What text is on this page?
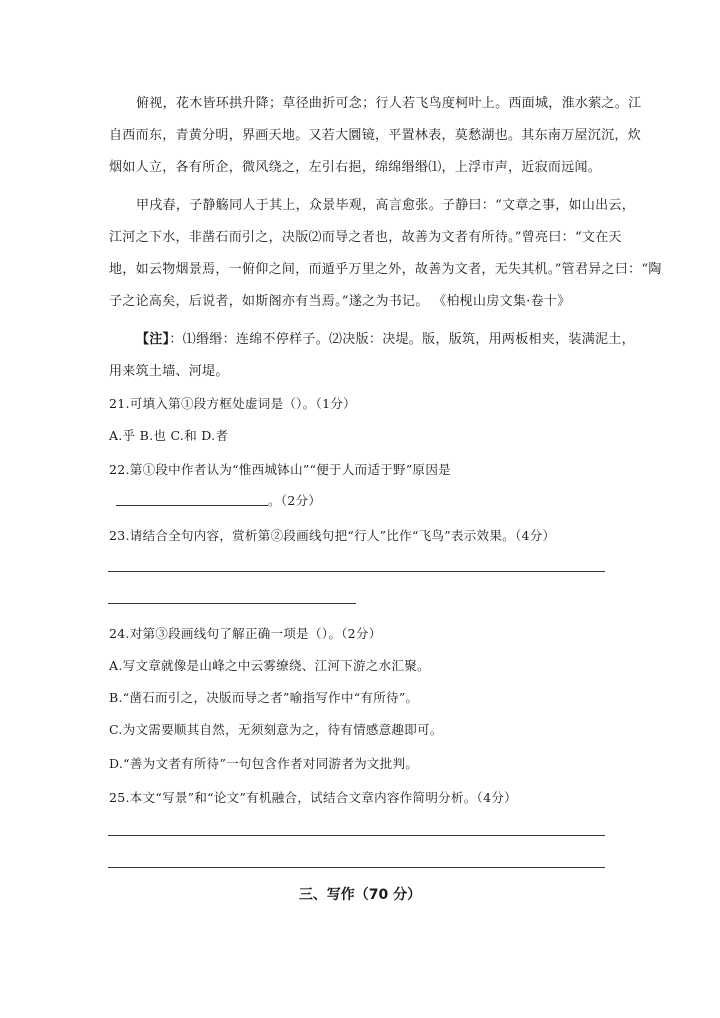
俯视，花木皆环拱升降；草径曲折可念；行人若飞鸟度柯叶上。西面城，淮水萦之。江
自西而东，青黄分明，界画天地。又若大圜镜，平置林表，莫愁湖也。其东南万屋沉沉，炊
烟如人立，各有所企，微风绕之，左引右挹，绵绵缗缗⑴，上浮市声，近寂而远闻。
甲戌春，子静觞同人于其上，众景毕观，高言愈张。子静曰：“文章之事，如山出云，
江河之下水，非凿石而引之，决版⑵而导之者也，故善为文者有所待。”曾亮曰：“文在天
地，如云物烟景焉，一俯仰之间，而遁乎万里之外，故善为文者，无失其机。”管君异之曰：“陶
子之论高矣，后说者，如斯阁亦有当焉。”遂之为书记。 《柏枧山房文集·卷十》
【注】：⑴缗缗：连绵不停样子。⑵决版：决堤。版，版筑，用两板相夹，装满泥土，
用来筑土墙、河堤。
21.可填入第①段方框处虚词是（）。（1分）
A.乎 B.也 C.和 D.者
22.第①段中作者认为“惟西城钵山”“便于人而适于野”原因是
。（2分）
23.请结合全句内容，赏析第②段画线句把“行人”比作“飞鸟”表示效果。（4分）
24.对第③段画线句了解正确一项是（）。（2分）
A.写文章就像是山峰之中云雾缭绕、江河下游之水汇聚。
B.“凿石而引之，决版而导之者”喻指写作中“有所待”。
C.为文需要顺其自然，无须刻意为之，待有情感意趣即可。
D.“善为文者有所待”一句包含作者对同游者为文批判。
25.本文“写景”和“论文”有机融合，试结合文章内容作简明分析。（4分）
三、写作（70 分）
